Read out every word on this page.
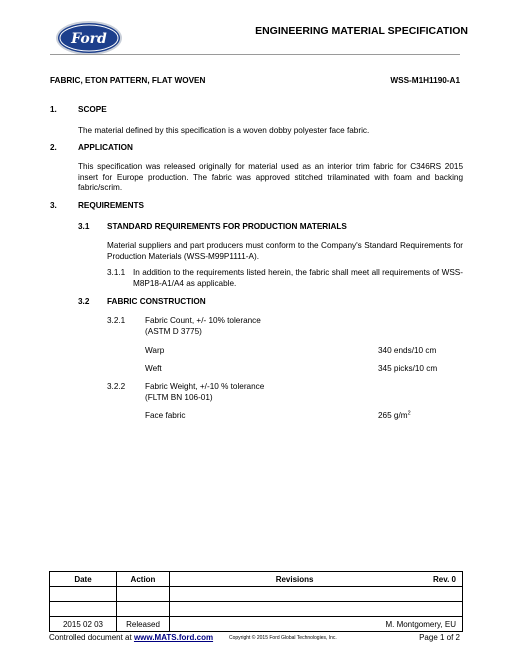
Ford	ENGINEERING MATERIAL SPECIFICATION
FABRIC, ETON PATTERN, FLAT WOVEN	WSS-M1H1190-A1
1.	SCOPE
The material defined by this specification is a woven dobby polyester face fabric.
2.	APPLICATION
This specification was released originally for material used as an interior trim fabric for C346RS 2015 insert for Europe production. The fabric was approved stitched trilaminated with foam and backing fabric/scrim.
3.	REQUIREMENTS
3.1 STANDARD REQUIREMENTS FOR PRODUCTION MATERIALS
Material suppliers and part producers must conform to the Company's Standard Requirements for Production Materials (WSS-M99P1111-A).
3.1.1 In addition to the requirements listed herein, the fabric shall meet all requirements of WSS-M8P18-A1/A4 as applicable.
3.2 FABRIC CONSTRUCTION
3.2.1 Fabric Count, +/- 10% tolerance
(ASTM D 3775)
Warp	340 ends/10 cm
Weft	345 picks/10 cm
3.2.2 Fabric Weight, +/-10 % tolerance
(FLTM BN 106-01)
Face fabric	265 $g/m^2$
Date	Action	Revisions	Rev. 0

2015 02 03	Released	M. Montgomery, EU	
Controlled document at www.MATS.ford.com	Copyright © 2015 Ford Global Technologies, Inc.	Page 1 of 2
